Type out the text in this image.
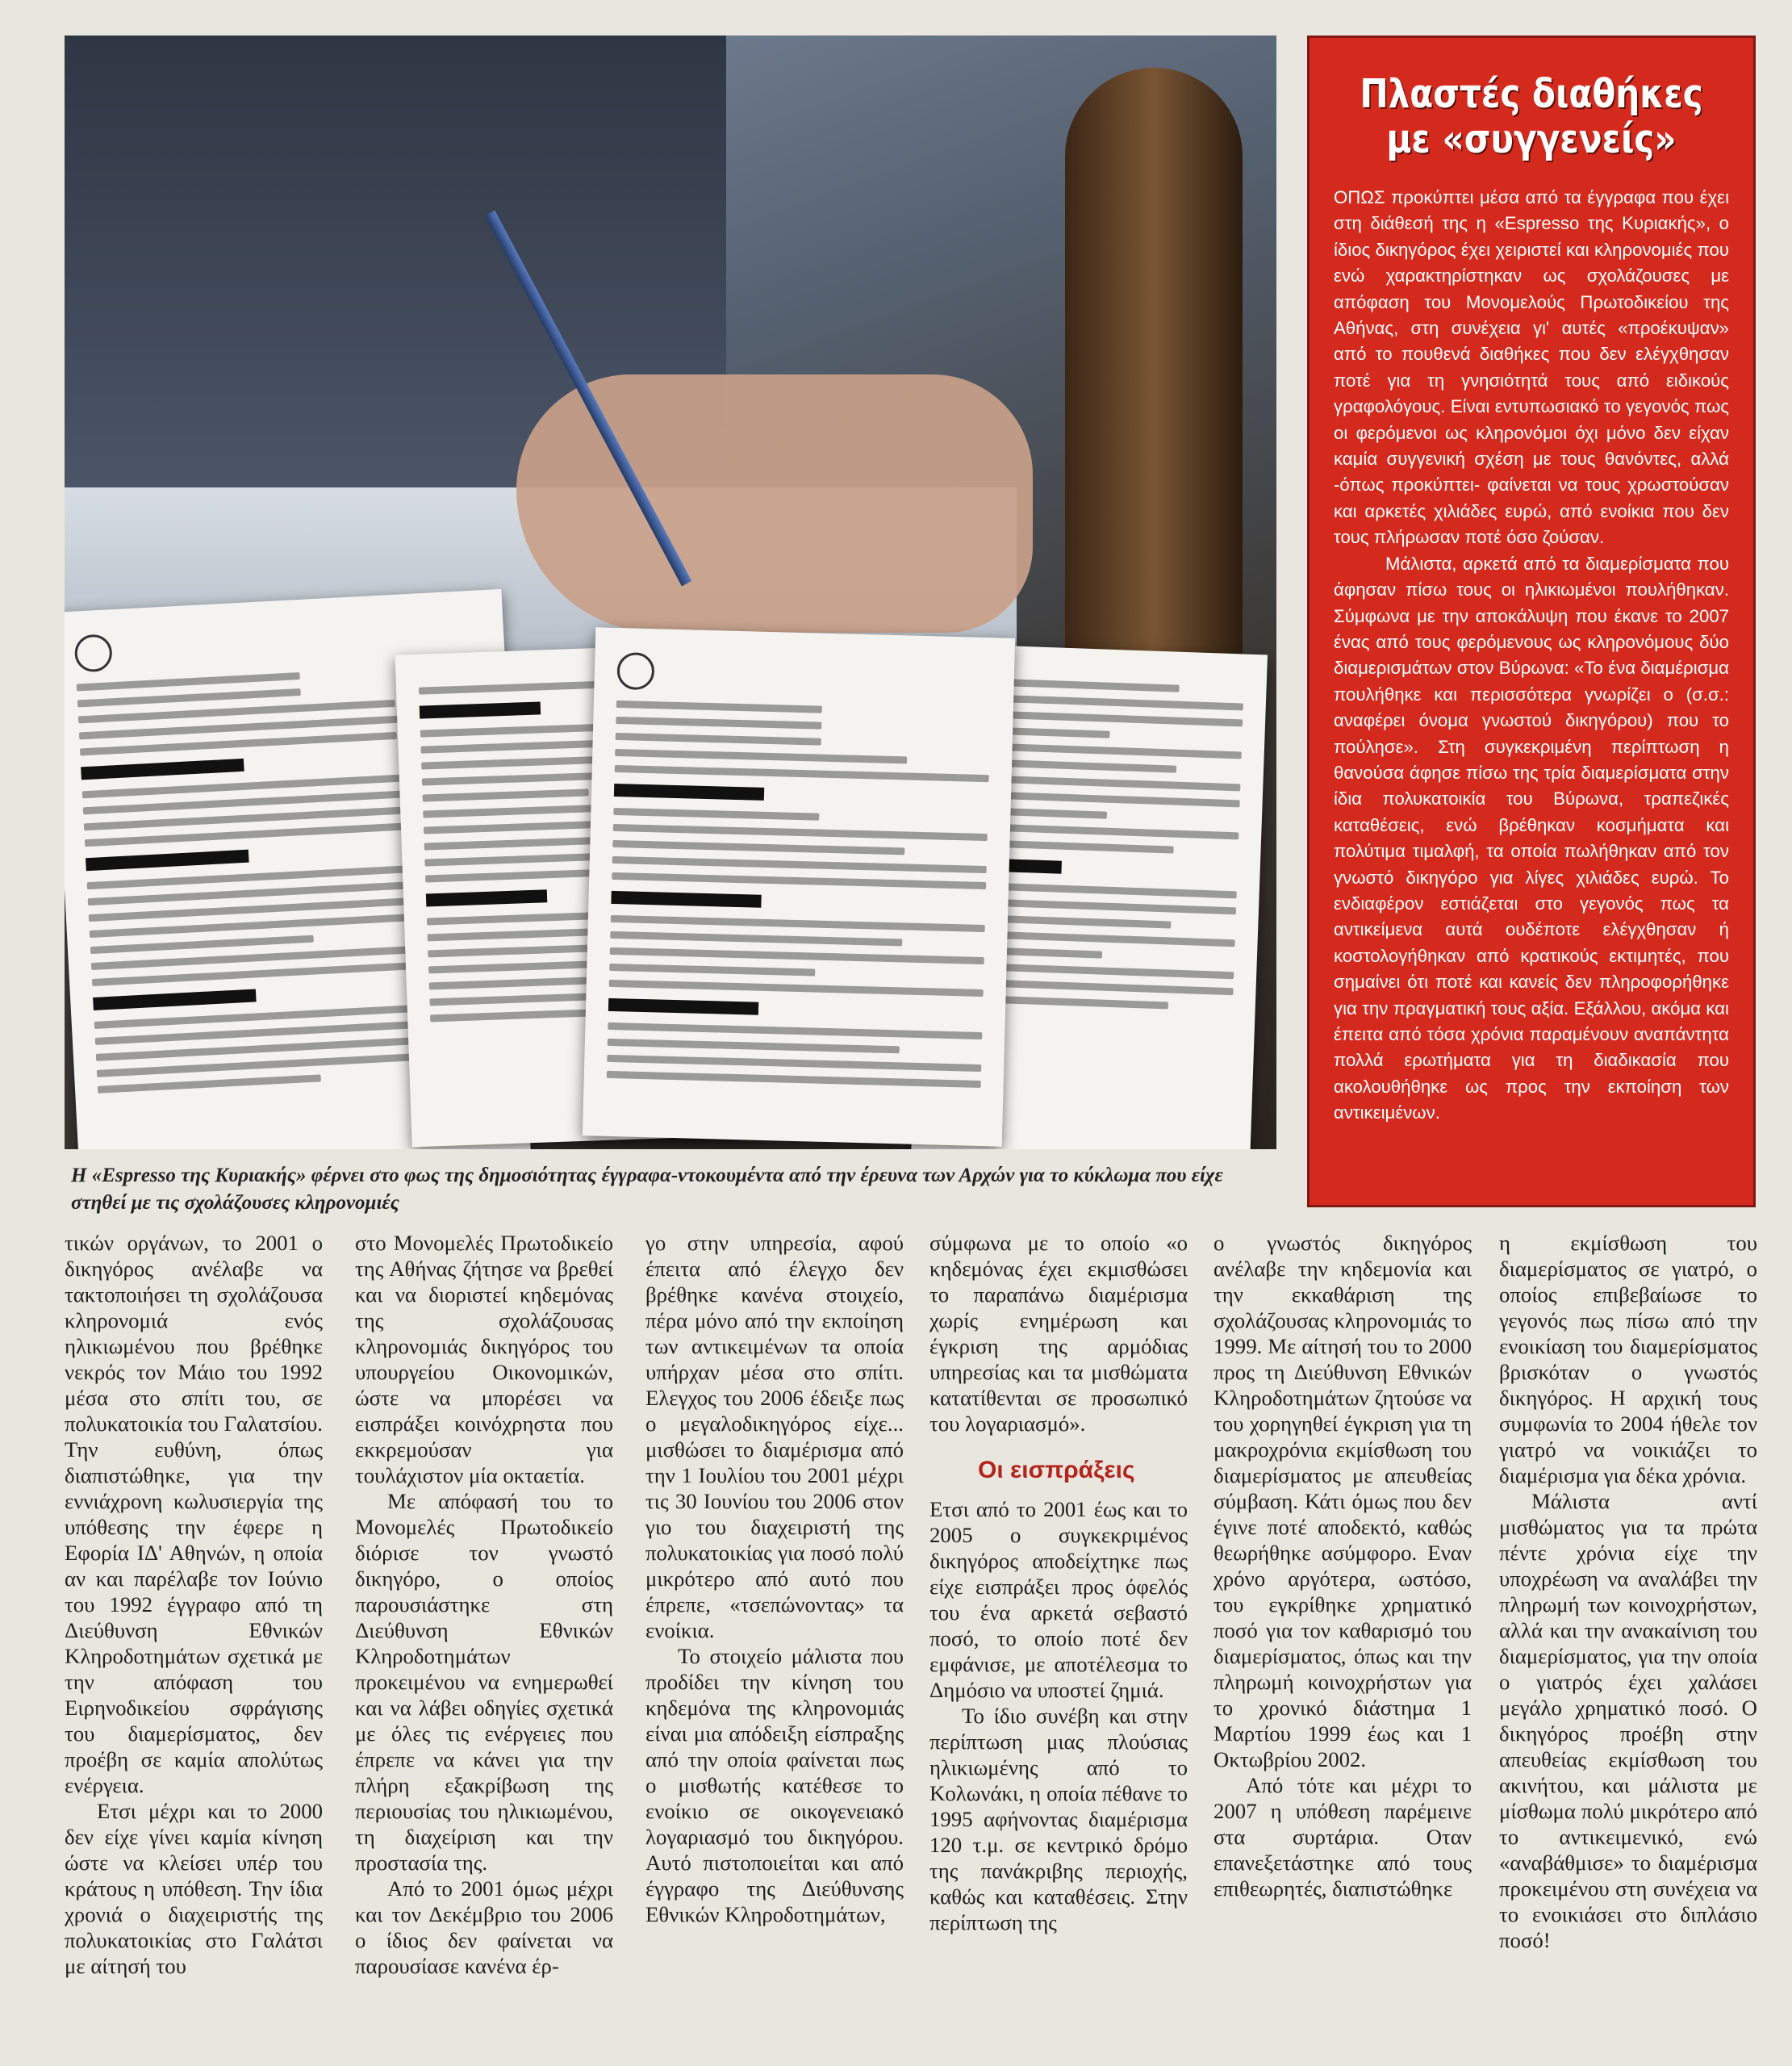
Η «Espresso της Κυριακής» φέρνει στο φως της δημοσιότητας έγγραφα-ντοκουμέντα από την έρευνα των Αρχών για το κύκλωμα που είχε στηθεί με τις σχολάζουσες κληρονομιές
Πλαστές διαθήκες
με «συγγενείς»

ΟΠΩΣ προκύπτει μέσα από τα έγγραφα που έχει στη διάθεσή της η «Espresso της Κυριακής», ο ίδιος δικηγόρος έχει χειριστεί και κληρονομιές που ενώ χαρακτηρίστηκαν ως σχολάζουσες με απόφαση του Μονομελούς Πρωτοδικείου της Αθήνας, στη συνέχεια γι' αυτές «προέκυψαν» από το πουθενά διαθήκες που δεν ελέγχθησαν ποτέ για τη γνησιότητά τους από ειδικούς γραφολόγους. Είναι εντυπωσιακό το γεγονός πως οι φερόμενοι ως κληρονόμοι όχι μόνο δεν είχαν καμία συγγενική σχέση με τους θανόντες, αλλά -όπως προκύπτει- φαίνεται να τους χρωστούσαν και αρκετές χιλιάδες ευρώ, από ενοίκια που δεν τους πλήρωσαν ποτέ όσο ζούσαν.

Μάλιστα, αρκετά από τα διαμερίσματα που άφησαν πίσω τους οι ηλικιωμένοι πουλήθηκαν. Σύμφωνα με την αποκάλυψη που έκανε το 2007 ένας από τους φερόμενους ως κληρονόμους δύο διαμερισμάτων στον Βύρωνα: «Το ένα διαμέρισμα πουλήθηκε και περισσότερα γνωρίζει ο (σ.σ.: αναφέρει όνομα γνωστού δικηγόρου) που το πούλησε». Στη συγκεκριμένη περίπτωση η θανούσα άφησε πίσω της τρία διαμερίσματα στην ίδια πολυκατοικία του Βύρωνα, τραπεζικές καταθέσεις, ενώ βρέθηκαν κοσμήματα και πολύτιμα τιμαλφή, τα οποία πωλήθηκαν από τον γνωστό δικηγόρο για λίγες χιλιάδες ευρώ. Το ενδιαφέρον εστιάζεται στο γεγονός πως τα αντικείμενα αυτά ουδέποτε ελέγχθησαν ή κοστολογήθηκαν από κρατικούς εκτιμητές, που σημαίνει ότι ποτέ και κανείς δεν πληροφορήθηκε για την πραγματική τους αξία. Εξάλλου, ακόμα και έπειτα από τόσα χρόνια παραμένουν αναπάντητα πολλά ερωτήματα για τη διαδικασία που ακολουθήθηκε ως προς την εκποίηση των αντικειμένων.

τικών οργάνων, το 2001 ο δικηγόρος ανέλαβε να τακτοποιήσει τη σχολάζουσα κληρονομιά ενός ηλικιωμένου που βρέθηκε νεκρός τον Μάιο του 1992 μέσα στο σπίτι του, σε πολυκατοικία του Γαλατσίου. Την ευθύνη, όπως διαπιστώθηκε, για την εννιάχρονη κωλυσιεργία της υπόθεσης την έφερε η Εφορία ΙΔ' Αθηνών, η οποία αν και παρέλαβε τον Ιούνιο του 1992 έγγραφο από τη Διεύθυνση Εθνικών Κληροδοτημάτων σχετικά με την απόφαση του Ειρηνοδικείου σφράγισης του διαμερίσματος, δεν προέβη σε καμία απολύτως ενέργεια.

Ετσι μέχρι και το 2000 δεν είχε γίνει καμία κίνηση ώστε να κλείσει υπέρ του κράτους η υπόθεση. Την ίδια χρονιά ο διαχειριστής της πολυκατοικίας στο Γαλάτσι με αίτησή του

στο Μονομελές Πρωτοδικείο της Αθήνας ζήτησε να βρεθεί και να διοριστεί κηδεμόνας της σχολάζουσας κληρονομιάς δικηγόρος του υπουργείου Οικονομικών, ώστε να μπορέσει να εισπράξει κοινόχρηστα που εκκρεμούσαν για τουλάχιστον μία οκταετία.

Με απόφασή του το Μονομελές Πρωτοδικείο διόρισε τον γνωστό δικηγόρο, ο οποίος παρουσιάστηκε στη Διεύθυνση Εθνικών Κληροδοτημάτων προκειμένου να ενημερωθεί και να λάβει οδηγίες σχετικά με όλες τις ενέργειες που έπρεπε να κάνει για την πλήρη εξακρίβωση της περιουσίας του ηλικιωμένου, τη διαχείριση και την προστασία της.

Από το 2001 όμως μέχρι και τον Δεκέμβριο του 2006 ο ίδιος δεν φαίνεται να παρουσίασε κανένα έρ-

γο στην υπηρεσία, αφού έπειτα από έλεγχο δεν βρέθηκε κανένα στοιχείο, πέρα μόνο από την εκποίηση των αντικειμένων τα οποία υπήρχαν μέσα στο σπίτι. Ελεγχος του 2006 έδειξε πως ο μεγαλοδικηγόρος είχε... μισθώσει το διαμέρισμα από την 1 Ιουλίου του 2001 μέχρι τις 30 Ιουνίου του 2006 στον γιο του διαχειριστή της πολυκατοικίας για ποσό πολύ μικρότερο από αυτό που έπρεπε, «τσεπώνοντας» τα ενοίκια.

Το στοιχείο μάλιστα που προδίδει την κίνηση του κηδεμόνα της κληρονομιάς είναι μια απόδειξη είσπραξης από την οποία φαίνεται πως ο μισθωτής κατέθεσε το ενοίκιο σε οικογενειακό λογαριασμό του δικηγόρου. Αυτό πιστοποιείται και από έγγραφο της Διεύθυνσης Εθνικών Κληροδοτημάτων,

σύμφωνα με το οποίο «ο κηδεμόνας έχει εκμισθώσει το παραπάνω διαμέρισμα χωρίς ενημέρωση και έγκριση της αρμόδιας υπηρεσίας και τα μισθώματα κατατίθενται σε προσωπικό του λογαριασμό».

Οι εισπράξεις

Ετσι από το 2001 έως και το 2005 ο συγκεκριμένος δικηγόρος αποδείχτηκε πως είχε εισπράξει προς όφελός του ένα αρκετά σεβαστό ποσό, το οποίο ποτέ δεν εμφάνισε, με αποτέλεσμα το Δημόσιο να υποστεί ζημιά.

Το ίδιο συνέβη και στην περίπτωση μιας πλούσιας ηλικιωμένης από το Κολωνάκι, η οποία πέθανε το 1995 αφήνοντας διαμέρισμα 120 τ.μ. σε κεντρικό δρόμο της πανάκριβης περιοχής, καθώς και καταθέσεις. Στην περίπτωση της

ο γνωστός δικηγόρος ανέλαβε την κηδεμονία και την εκκαθάριση της σχολάζουσας κληρονομιάς το 1999. Με αίτησή του το 2000 προς τη Διεύθυνση Εθνικών Κληροδοτημάτων ζητούσε να του χορηγηθεί έγκριση για τη μακροχρόνια εκμίσθωση του διαμερίσματος με απευθείας σύμβαση. Κάτι όμως που δεν έγινε ποτέ αποδεκτό, καθώς θεωρήθηκε ασύμφορο. Εναν χρόνο αργότερα, ωστόσο, του εγκρίθηκε χρηματικό ποσό για τον καθαρισμό του διαμερίσματος, όπως και την πληρωμή κοινοχρήστων για το χρονικό διάστημα 1 Μαρτίου 1999 έως και 1 Οκτωβρίου 2002.

Από τότε και μέχρι το 2007 η υπόθεση παρέμεινε στα συρτάρια. Οταν επανεξετάστηκε από τους επιθεωρητές, διαπιστώθηκε

η εκμίσθωση του διαμερίσματος σε γιατρό, ο οποίος επιβεβαίωσε το γεγονός πως πίσω από την ενοικίαση του διαμερίσματος βρισκόταν ο γνωστός δικηγόρος. Η αρχική τους συμφωνία το 2004 ήθελε τον γιατρό να νοικιάζει το διαμέρισμα για δέκα χρόνια.

Μάλιστα αντί μισθώματος για τα πρώτα πέντε χρόνια είχε την υποχρέωση να αναλάβει την πληρωμή των κοινοχρήστων, αλλά και την ανακαίνιση του διαμερίσματος, για την οποία ο γιατρός έχει χαλάσει μεγάλο χρηματικό ποσό. Ο δικηγόρος προέβη στην απευθείας εκμίσθωση του ακινήτου, και μάλιστα με μίσθωμα πολύ μικρότερο από το αντικειμενικό, ενώ «αναβάθμισε» το διαμέρισμα προκειμένου στη συνέχεια να το ενοικιάσει στο διπλάσιο ποσό!
